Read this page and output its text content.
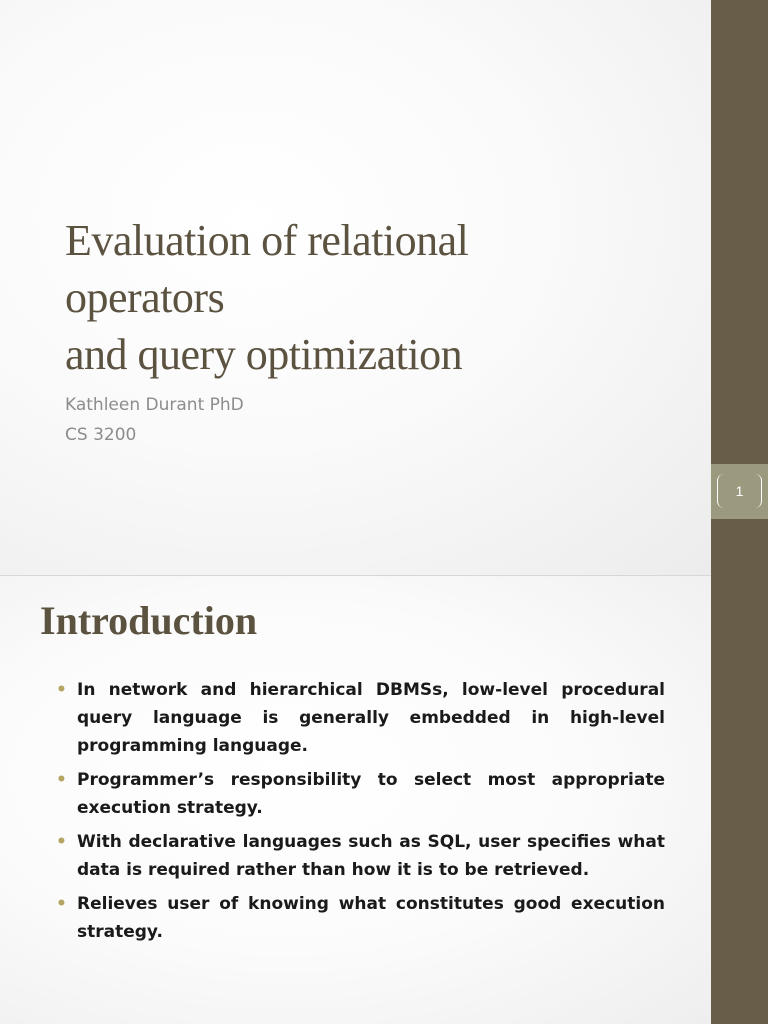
Evaluation of relational
operators
and query optimization
Kathleen Durant PhD
CS 3200
Introduction
• In network and hierarchical DBMSs, low-level procedural query language is generally embedded in high-level programming language.
• Programmer’s responsibility to select most appropriate execution strategy.
• With declarative languages such as SQL, user specifies what data is required rather than how it is to be retrieved.
• Relieves user of knowing what constitutes good execution strategy.
1
